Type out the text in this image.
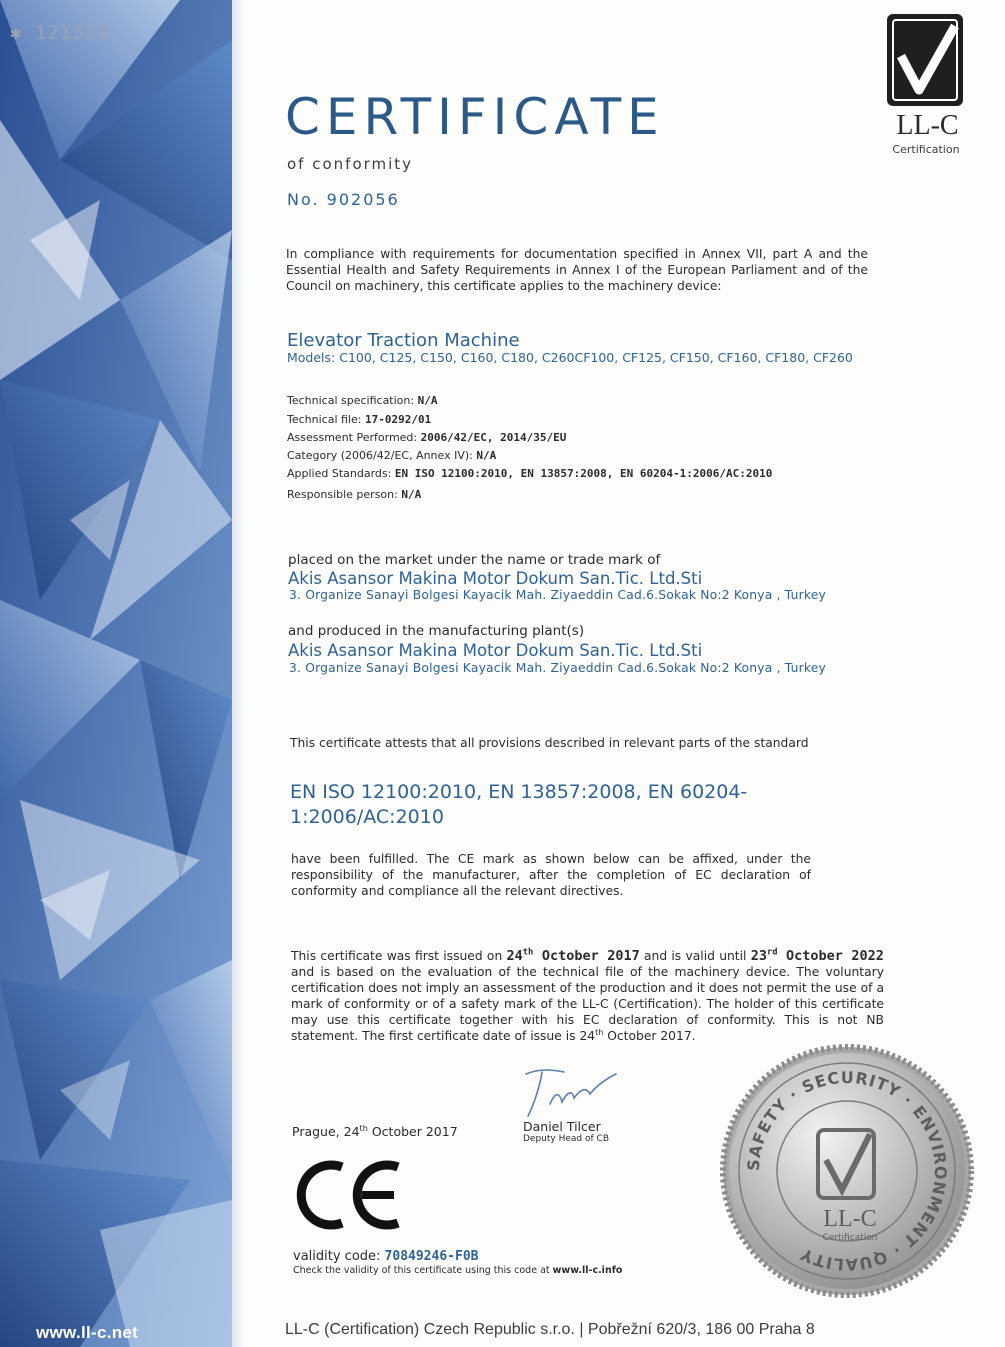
✱ 121323
www.ll-c.net
LL-C
Certification
CERTIFICATE
of conformity
No. 902056
In compliance with requirements for documentation specified in Annex VII, part A and the Essential Health and Safety Requirements in Annex I of the European Parliament and of the Council on machinery, this certificate applies to the machinery device:
Elevator Traction Machine
Models: C100, C125, C150, C160, C180, C260CF100, CF125, CF150, CF160, CF180, CF260
Technical specification: N/A
Technical file: 17-0292/01
Assessment Performed: 2006/42/EC, 2014/35/EU
Category (2006/42/EC, Annex IV): N/A
Applied Standards: EN ISO 12100:2010, EN 13857:2008, EN 60204-1:2006/AC:2010
Responsible person: N/A
placed on the market under the name or trade mark of
Akis Asansor Makina Motor Dokum San.Tic. Ltd.Sti
3. Organize Sanayi Bolgesi Kayacik Mah. Ziyaeddin Cad.6.Sokak No:2 Konya , Turkey
and produced in the manufacturing plant(s)
Akis Asansor Makina Motor Dokum San.Tic. Ltd.Sti
3. Organize Sanayi Bolgesi Kayacik Mah. Ziyaeddin Cad.6.Sokak No:2 Konya , Turkey
This certificate attests that all provisions described in relevant parts of the standard
EN ISO 12100:2010, EN 13857:2008, EN 60204-1:2006/AC:2010
have been fulfilled. The CE mark as shown below can be affixed, under the responsibility of the manufacturer, after the completion of EC declaration of conformity and compliance all the relevant directives.
This certificate was first issued on 24th October 2017 and is valid until 23rd October 2022 and is based on the evaluation of the technical file of the machinery device. The voluntary certification does not imply an assessment of the production and it does not permit the use of a mark of conformity or of a safety mark of the LL-C (Certification). The holder of this certificate may use this certificate together with his EC declaration of conformity. This is not NB statement. The first certificate date of issue is 24th October 2017.
Prague, 24th October 2017	Daniel Tilcer
Deputy Head of CB
validity code: 70849246-F0B
Check the validity of this certificate using this code at www.ll-c.info
SAFETY · SECURITY · ENVIRONMENT · QUALITY
LL-C
Certification
LL-C (Certification) Czech Republic s.r.o. | Pobřežní 620/3, 186 00 Praha 8
